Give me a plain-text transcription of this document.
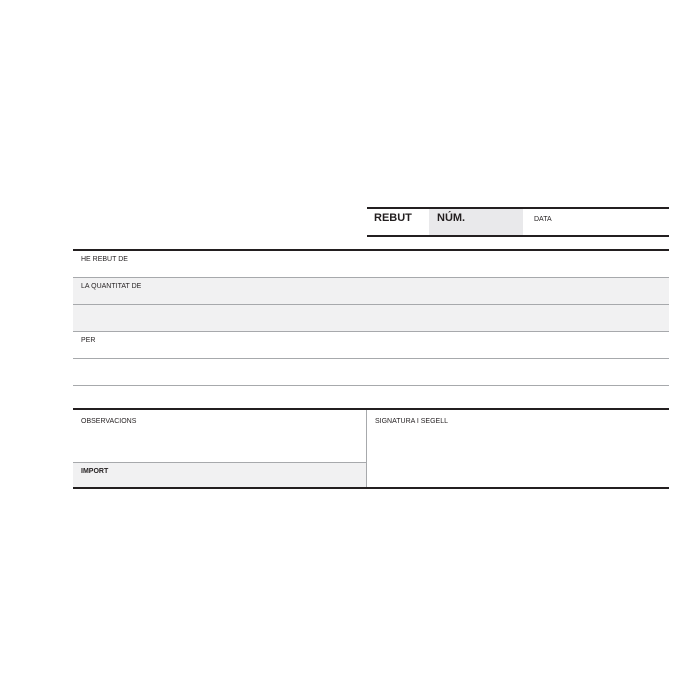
REBUT	NÚM.	DATA
HE REBUT DE
LA QUANTITAT DE
PER
OBSERVACIONS
IMPORT
SIGNATURA I SEGELL
